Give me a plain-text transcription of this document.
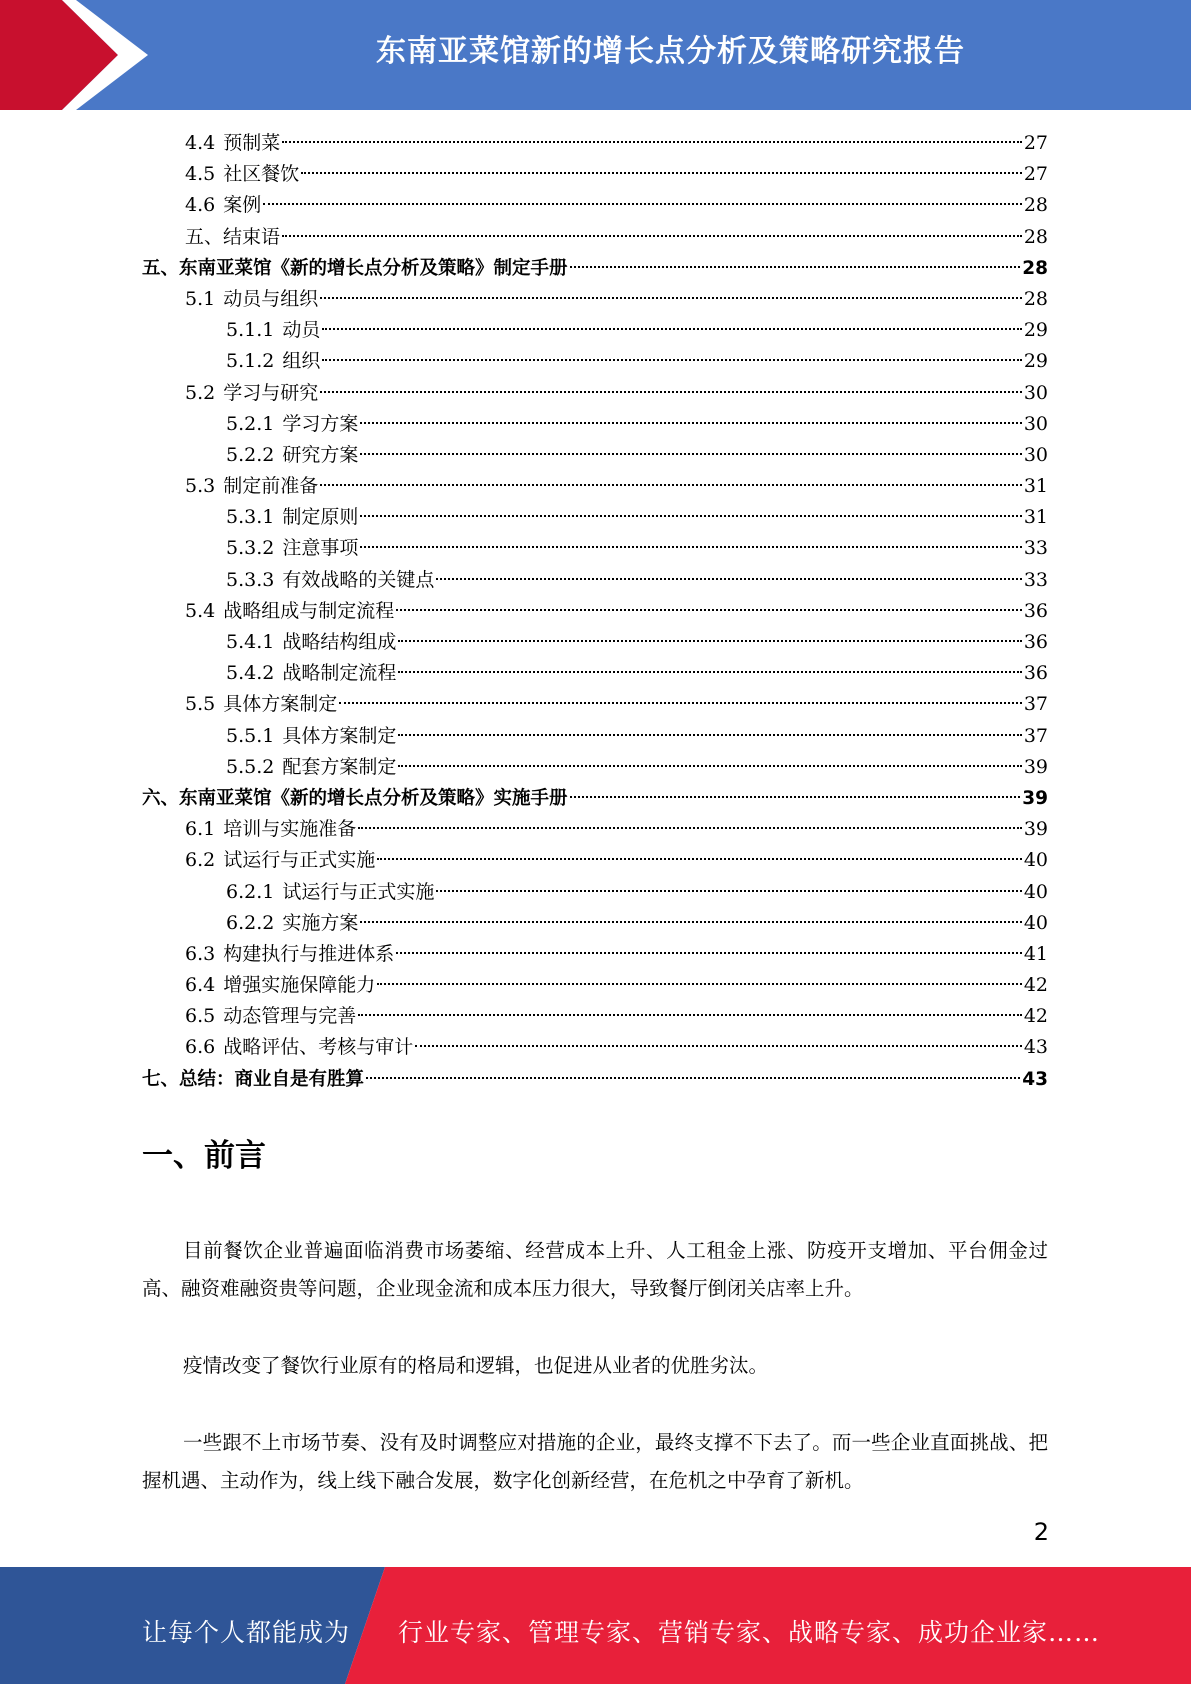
东南亚菜馆新的增长点分析及策略研究报告
4.4 预制菜	27
4.5 社区餐饮	27
4.6 案例	28
五、结束语	28
五、东南亚菜馆《新的增长点分析及策略》制定手册	28
5.1 动员与组织	28
5.1.1 动员	29
5.1.2 组织	29
5.2 学习与研究	30
5.2.1 学习方案	30
5.2.2 研究方案	30
5.3 制定前准备	31
5.3.1 制定原则	31
5.3.2 注意事项	33
5.3.3 有效战略的关键点	33
5.4 战略组成与制定流程	36
5.4.1 战略结构组成	36
5.4.2 战略制定流程	36
5.5 具体方案制定	37
5.5.1 具体方案制定	37
5.5.2 配套方案制定	39
六、东南亚菜馆《新的增长点分析及策略》实施手册	39
6.1 培训与实施准备	39
6.2 试运行与正式实施	40
6.2.1 试运行与正式实施	40
6.2.2 实施方案	40
6.3 构建执行与推进体系	41
6.4 增强实施保障能力	42
6.5 动态管理与完善	42
6.6 战略评估、考核与审计	43
七、总结：商业自是有胜算	43
一、前言
目前餐饮企业普遍面临消费市场萎缩、经营成本上升、人工租金上涨、防疫开支增加、平台佣金过高、融资难融资贵等问题，企业现金流和成本压力很大，导致餐厅倒闭关店率上升。
疫情改变了餐饮行业原有的格局和逻辑，也促进从业者的优胜劣汰。
一些跟不上市场节奏、没有及时调整应对措施的企业，最终支撑不下去了。而一些企业直面挑战、把握机遇、主动作为，线上线下融合发展，数字化创新经营，在危机之中孕育了新机。
2
让每个人都能成为 行业专家、管理专家、营销专家、战略专家、成功企业家……
